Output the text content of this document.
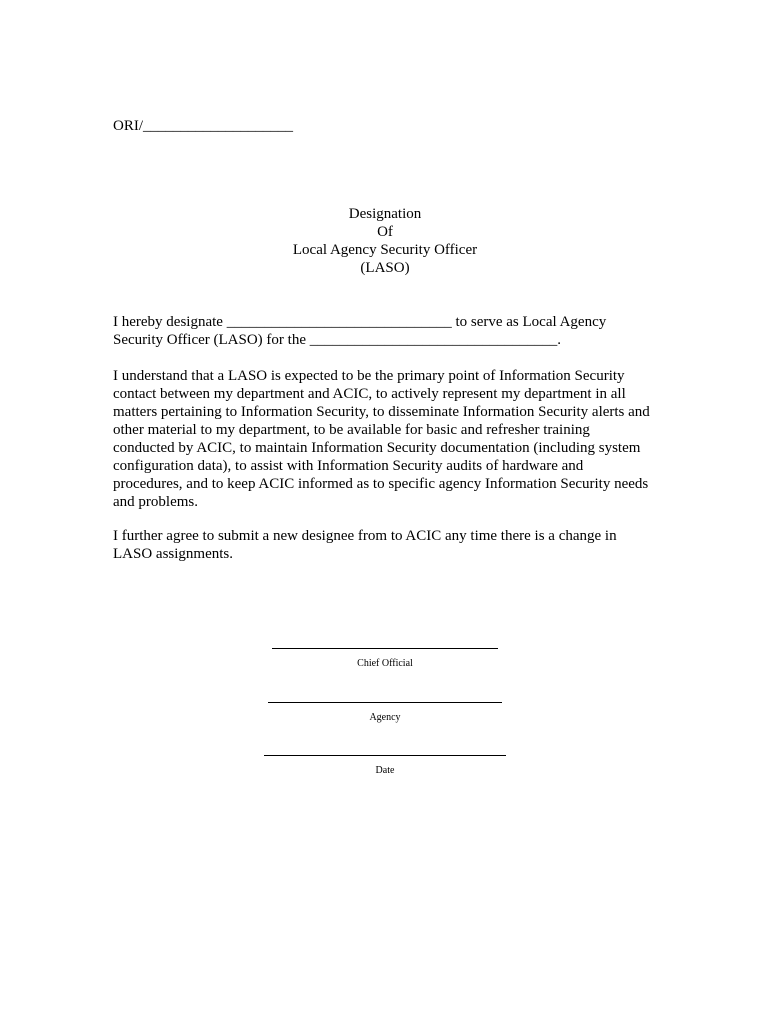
ORI/____________________
Designation
Of
Local Agency Security Officer
(LASO)
I hereby designate ______________________________ to serve as Local Agency
Security Officer (LASO) for the _________________________________.
I understand that a LASO is expected to be the primary point of Information Security
contact between my department and ACIC, to actively represent my department in all
matters pertaining to Information Security, to disseminate Information Security alerts and
other material to my department, to be available for basic and refresher training
conducted by ACIC, to maintain Information Security documentation (including system
configuration data), to assist with Information Security audits of hardware and
procedures, and to keep ACIC informed as to specific agency Information Security needs
and problems.
I further agree to submit a new designee from to ACIC any time there is a change in
LASO assignments.
Chief Official
Agency
Date
